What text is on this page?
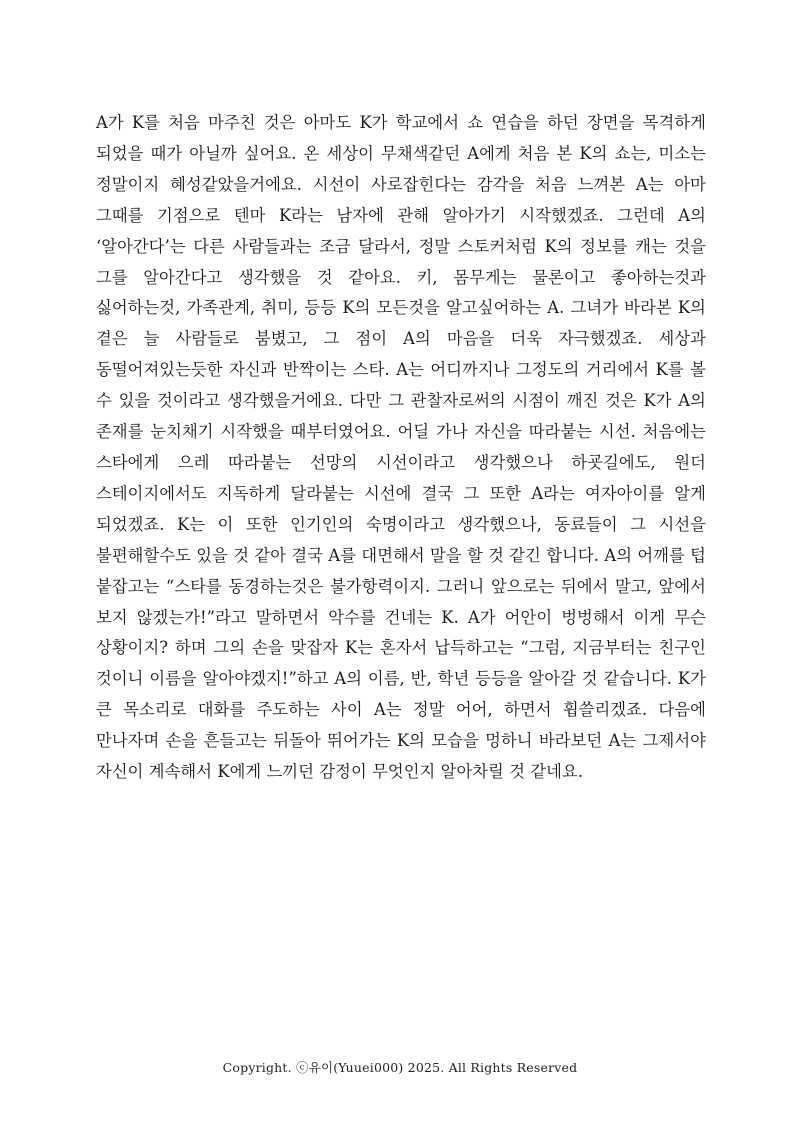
A가 K를 처음 마주친 것은 아마도 K가 학교에서 쇼 연습을 하던 장면을 목격하게 되었을 때가 아닐까 싶어요. 온 세상이 무채색같던 A에게 처음 본 K의 쇼는, 미소는 정말이지 혜성같았을거에요. 시선이 사로잡힌다는 감각을 처음 느껴본 A는 아마 그때를 기점으로 텐마 K라는 남자에 관해 알아가기 시작했겠죠. 그런데 A의 ‘알아간다’는 다른 사람들과는 조금 달라서, 정말 스토커처럼 K의 정보를 캐는 것을 그를 알아간다고 생각했을 것 같아요. 키, 몸무게는 물론이고 좋아하는것과 싫어하는것, 가족관계, 취미, 등등 K의 모든것을 알고싶어하는 A. 그녀가 바라본 K의 곁은 늘 사람들로 붐볐고, 그 점이 A의 마음을 더욱 자극했겠죠. 세상과 동떨어져있는듯한 자신과 반짝이는 스타. A는 어디까지나 그정도의 거리에서 K를 볼 수 있을 것이라고 생각했을거에요. 다만 그 관찰자로써의 시점이 깨진 것은 K가 A의 존재를 눈치채기 시작했을 때부터였어요. 어딜 가나 자신을 따라붙는 시선. 처음에는 스타에게 으레 따라붙는 선망의 시선이라고 생각했으나 하굣길에도, 원더 스테이지에서도 지독하게 달라붙는 시선에 결국 그 또한 A라는 여자아이를 알게 되었겠죠. K는 이 또한 인기인의 숙명이라고 생각했으나, 동료들이 그 시선을 불편해할수도 있을 것 같아 결국 A를 대면해서 말을 할 것 같긴 합니다. A의 어깨를 텁 붙잡고는 “스타를 동경하는것은 불가항력이지. 그러니 앞으로는 뒤에서 말고, 앞에서 보지 않겠는가!”라고 말하면서 악수를 건네는 K. A가 어안이 벙벙해서 이게 무슨 상황이지? 하며 그의 손을 맞잡자 K는 혼자서 납득하고는 “그럼, 지금부터는 친구인 것이니 이름을 알아야겠지!”하고 A의 이름, 반, 학년 등등을 알아갈 것 같습니다. K가 큰 목소리로 대화를 주도하는 사이 A는 정말 어어, 하면서 휩쓸리겠죠. 다음에 만나자며 손을 흔들고는 뒤돌아 뛰어가는 K의 모습을 멍하니 바라보던 A는 그제서야 자신이 계속해서 K에게 느끼던 감정이 무엇인지 알아차릴 것 같네요.

Copyright. ⓒ유이(Yuuei000) 2025. All Rights Reserved
